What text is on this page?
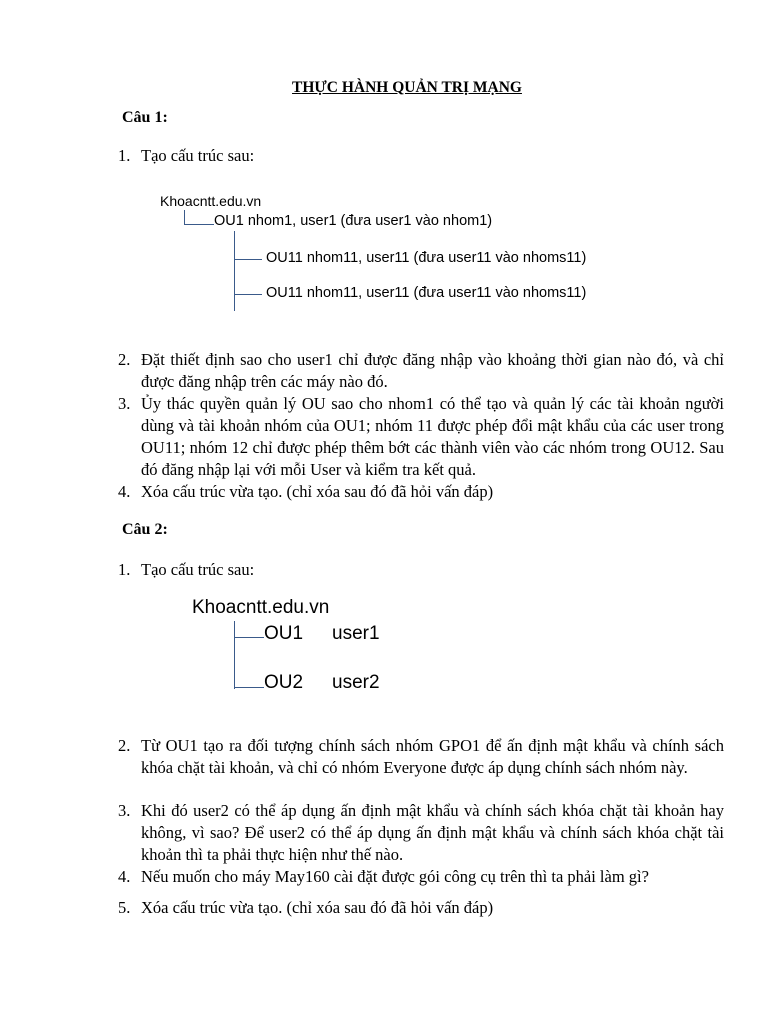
THỰC HÀNH QUẢN TRỊ MẠNG
Câu 1:
1. Tạo cấu trúc sau:
Khoacntt.edu.vn
OU1 nhom1, user1 (đưa user1 vào nhom1)
OU11 nhom11, user11 (đưa user11 vào nhoms11)
OU11 nhom11, user11 (đưa user11 vào nhoms11)
2. Đặt thiết định sao cho user1 chỉ được đăng nhập vào khoảng thời gian nào đó, và chỉ được đăng nhập trên các máy nào đó.
3. Ủy thác quyền quản lý OU sao cho nhom1 có thể tạo và quản lý các tài khoản người dùng và tài khoản nhóm của OU1; nhóm 11 được phép đổi mật khẩu của các user trong OU11; nhóm 12 chỉ được phép thêm bớt các thành viên vào các nhóm trong OU12. Sau đó đăng nhập lại với mỗi User và kiểm tra kết quả.
4. Xóa cấu trúc vừa tạo. (chỉ xóa sau đó đã hỏi vấn đáp)
Câu 2:
1. Tạo cấu trúc sau:
Khoacntt.edu.vn
OU1 user1
OU2 user2
2. Từ OU1 tạo ra đối tượng chính sách nhóm GPO1 để ấn định mật khẩu và chính sách khóa chặt tài khoản, và chỉ có nhóm Everyone được áp dụng chính sách nhóm này.
3. Khi đó user2 có thể áp dụng ấn định mật khẩu và chính sách khóa chặt tài khoản hay không, vì sao? Để user2 có thể áp dụng ấn định mật khẩu và chính sách khóa chặt tài khoản thì ta phải thực hiện như thế nào.
4. Nếu muốn cho máy May160 cài đặt được gói công cụ trên thì ta phải làm gì?
5. Xóa cấu trúc vừa tạo. (chỉ xóa sau đó đã hỏi vấn đáp)
